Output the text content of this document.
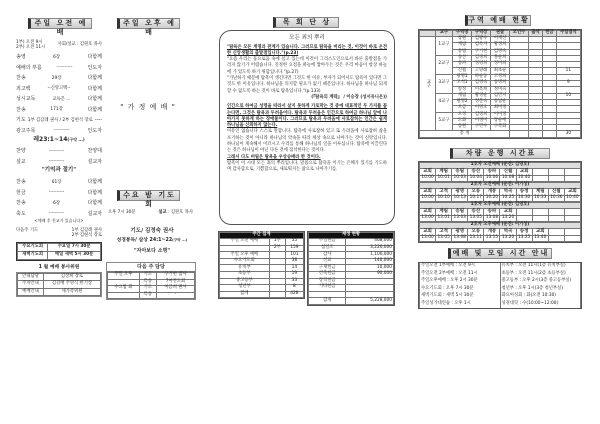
주일 오전 예배
1부) 오전 9시
2부) 오전 11시
사회/설교 : 김원호 목사
송영	6장	다함께
예배의 부름	----------	인도자
찬송	29장	다함께
죄고백	--신앙고백--	다함께
성시교독	교독문 ...	다함께
찬송	171장	다함께
기도 1부 김갑례 권사 / 2부 김현석 장로 ----
광고주목	----------	인도자
레23:1~14(구약 ...)
찬양	----------	찬양대
설교	----------	설교자
"기억과 절기"
찬송	61장	다함께
헌금	----------	다함께
찬송	6장	다함께
축도	----------	설교자
<예배 후 친교가 있습니다>
다음주 기도	1부 김갑례 권사
2부 김현석 장로
수요기도회	수요일 7시 30분
새벽기도회	매일 새벽 5시 30분
1 월 예배 봉사위원
안내담당	김상희 장로
주차안내	김길배 주영식 한기상
예배안내	새가족위원
주일 오후 예배
" 가 정 예 배 "
수요 밤 기도회
오후 7시 30분	설교 : 김원호 목사
기도/ 김정숙 권사
성경봉독/ 살상 24:1~22(구약 ...)
"자아보다 소명"
다음 주 담당
주일 오후	기도	구기현 집사
	특송	7여전도회
수요밤 회	기도	이금희 권사
	특송	-
목 회 단 상
모든 죄의 뿌리

"탐욕은 모든 계명과 관계가 있습니다. 그러므로 탐욕을 버리는 것, 이것이 바로 온전한 신앙생활의 출발점입니다."(p.23)

"요즘 우리는 풍요로움 속에 살고 있는데 이것이 그리스도인으로서 바른 출발점을 가리지 않기가 어렵습니다. 진정한 요점을 하늘에 쌓아두는 것은 우리 마음이 항상 하늘에 가 있도록 하기 위함입니다."(p.27)

"가난하기 때문에 탐욕이 생긴다면 그것도 한 이유, 부자가 되어서도 탐욕이 있다면 그것도 한 이유입니다. 하나님을 의지할 필요가 없기 때문입니다. 하나님을 하나님 되게 할 수 없도록 하는 것이 바로 탐욕입니다."(p.133)

(『탐욕의 계략』 / 이승장 (성서유니온))

인간으로 하여금 성령을 따라서 살지 못하게 가로막는 것 중에 대표적인 두 가지를 꼽는다면, 그것은 탐욕과 두려움이다. 탐욕과 두려움은 인간으로 하여금 하나님 앞에 나아가지 못하게 하는 장애물이다. 그러므로 탐욕과 두려움에 사로잡히는 인간은 쉽게 하나님을 신뢰하지 않는다.

이유인 없습니다 스스로 말합니다. 탐욕에 사로잡혀 있고 또 두려움에 사로잡혀 삶을 포기하는 것이 아니라 하나님의 약속을 따라 세상 속으로 나아가는 것이 신앙입니다. 하나님이 계속해서 이끄시고 우리를 통해 하나님의 일을 이루십니다. 탐욕에 이끌린다는 것은 하나님이 아닌 다른 것에 집착한다는 것이다.

그래서 다도 버릴은 탐욕을 우상숭배라 한 것이다.

탐욕이 이 시대 모든 죄의 뿌리입니다. 말씀으로 탐욕을 이기는 은혜가 있기를 기도하며 감사함으로, 기쁨함으로, 새로워지는 삶으로 나아가기를.

주간 집계		
주일 오전 예배	1부	55
	2부	159
주일 오후 예배		101
수요기도회		38
유치부		14
초등부		19
중고등부		33
청년부		8
합계		428
재정 현황	
주일헌금	468,000
십일조	3,220,000
감사	1,100,000
선교	140,000
구제헌금	10,000
건축헌금	90,000
장학헌금	
기타헌금	

합계	5,228,000
구역 예배 현황
	교구	구역명	구역장	권찰	모인수	출석	헌금	주일결석
교구	1교구	창원	김광수	이재신				
		계림	김옥자	황경희				
		송림	구기현	김영숙				
	2교구	송산	김경희	홍순희				
		송파	정영희	정미희				
		신월	고양례	최초순				11
	3교구	광명1	하순동	고경희				
		고척1	김영숙	송명희				9
		송정	이옥희	정미숙				
	4교구	계림	황영순	김민지				10
		광명2	정문숙	송남순				
		오금	이영오	최미경				
	5교구	오정	김영희	이미정				
		도화	이경미	장순배				
		송원	구민수	구복화				
총 계								30
차량 운행 시간표
1호차 오전예배 (운전: 김영호)									
교회	계림	송림	송산	송파	신월	교회			
10:00	10:01	10:03	10:04	10:06	10:08	10:40			
2호차 오전예배 (운전: 이기성)									
교회	고척	광명	오류	개봉	역곡	송정	계림	신월	교회
10:00	10:10	10:13	10:17	10:20	10:25	10:30	10:33	10:36	10:40
1호차 오후예배 (운전: 김영호)									
교회	계림	송림	송산	송파	교회				
13:00	13:01	13:03	13:05	13:08	13:20				
2호차 오후예배 (운전: 이기성)									
교회	고척	광명	오류	개봉	역곡	송정	교회		
13:00	13:05	13:08	13:11	13:15	13:20	13:25	13:40		
예배 및 모임 시간 안내
주일오전 1부예배 : 오전 9시	유치부 : 오전 11시(1층 유치부실)
주일오전 2부예배 : 오전 11시	초등부 : 오전 11시(2층 초등부실)
주일오후예배 : 오후 2시 30분	중고등부 : 오후 2시(3층 중고등부실)
수요기도회 : 오후 7시 30분	청년부 : 오후 1시(3층 청년부실)
새벽기도회 : 새벽 5시 30분	화요여성회 : 화(오전 10:30)
주일성가대연습 : 오후 1시	성경대학 : 수(10:00~12:00)
